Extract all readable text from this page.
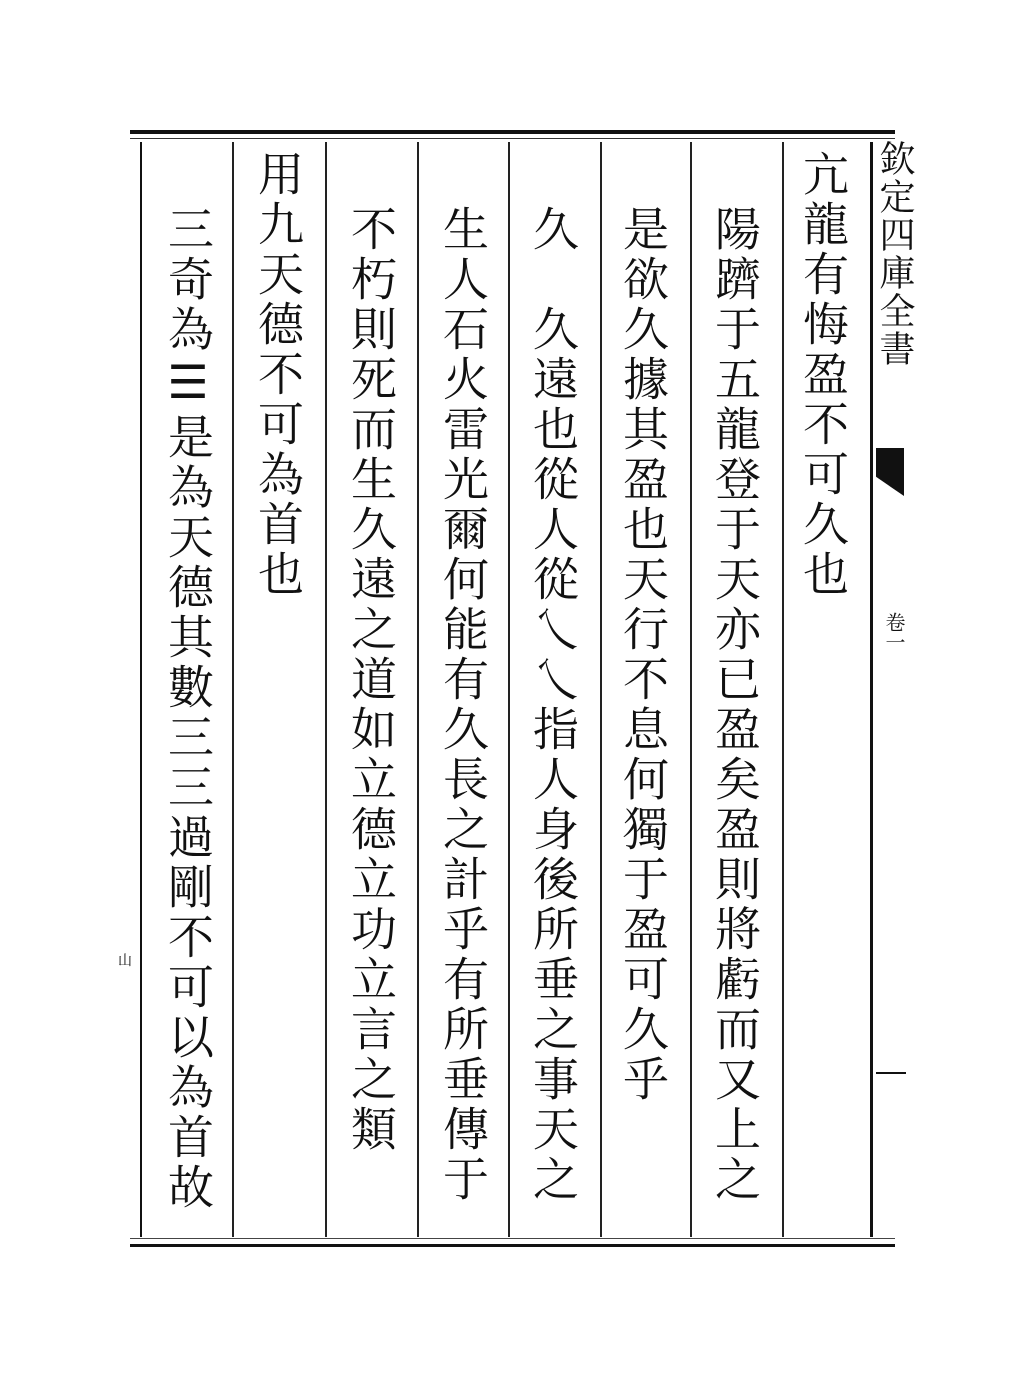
亢龍有悔盈不可久也
陽躋于五龍登于天亦已盈矣盈則將虧而又上之
是欲久據其盈也天行不息何獨于盈可久乎
久　久遠也從人從乀乀指人身後所垂之事天之
生人石火雷光爾何能有久長之計乎有所垂傳于
不朽則死而生久遠之道如立德立功立言之類
用九天德不可為首也
三奇為☰是為天德其數三三過剛不可以為首故	欽定四庫全書
卷一
山
